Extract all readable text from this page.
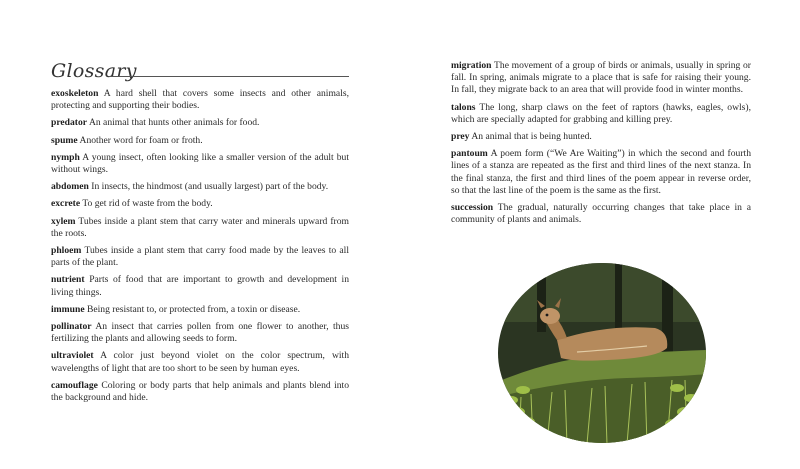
Glossary

exoskeleton A hard shell that covers some insects and other animals, protecting and supporting their bodies.

predator An animal that hunts other animals for food.

spume Another word for foam or froth.

nymph A young insect, often looking like a smaller version of the adult but without wings.

abdomen In insects, the hindmost (and usually largest) part of the body.

excrete To get rid of waste from the body.

xylem Tubes inside a plant stem that carry water and minerals upward from the roots.

phloem Tubes inside a plant stem that carry food made by the leaves to all parts of the plant.

nutrient Parts of food that are important to growth and development in living things.

immune Being resistant to, or protected from, a toxin or disease.

pollinator An insect that carries pollen from one flower to another, thus fertilizing the plants and allowing seeds to form.

ultraviolet A color just beyond violet on the color spectrum, with wavelengths of light that are too short to be seen by human eyes.

camouflage Coloring or body parts that help animals and plants blend into the background and hide.

migration The movement of a group of birds or animals, usually in spring or fall. In spring, animals migrate to a place that is safe for raising their young. In fall, they migrate back to an area that will provide food in winter months.

talons The long, sharp claws on the feet of raptors (hawks, eagles, owls), which are specially adapted for grabbing and killing prey.

prey An animal that is being hunted.

pantoum A poem form (“We Are Waiting”) in which the second and fourth lines of a stanza are repeated as the first and third lines of the next stanza. In the final stanza, the first and third lines of the poem appear in reverse order, so that the last line of the poem is the same as the first.

succession The gradual, naturally occurring changes that take place in a community of plants and animals.
